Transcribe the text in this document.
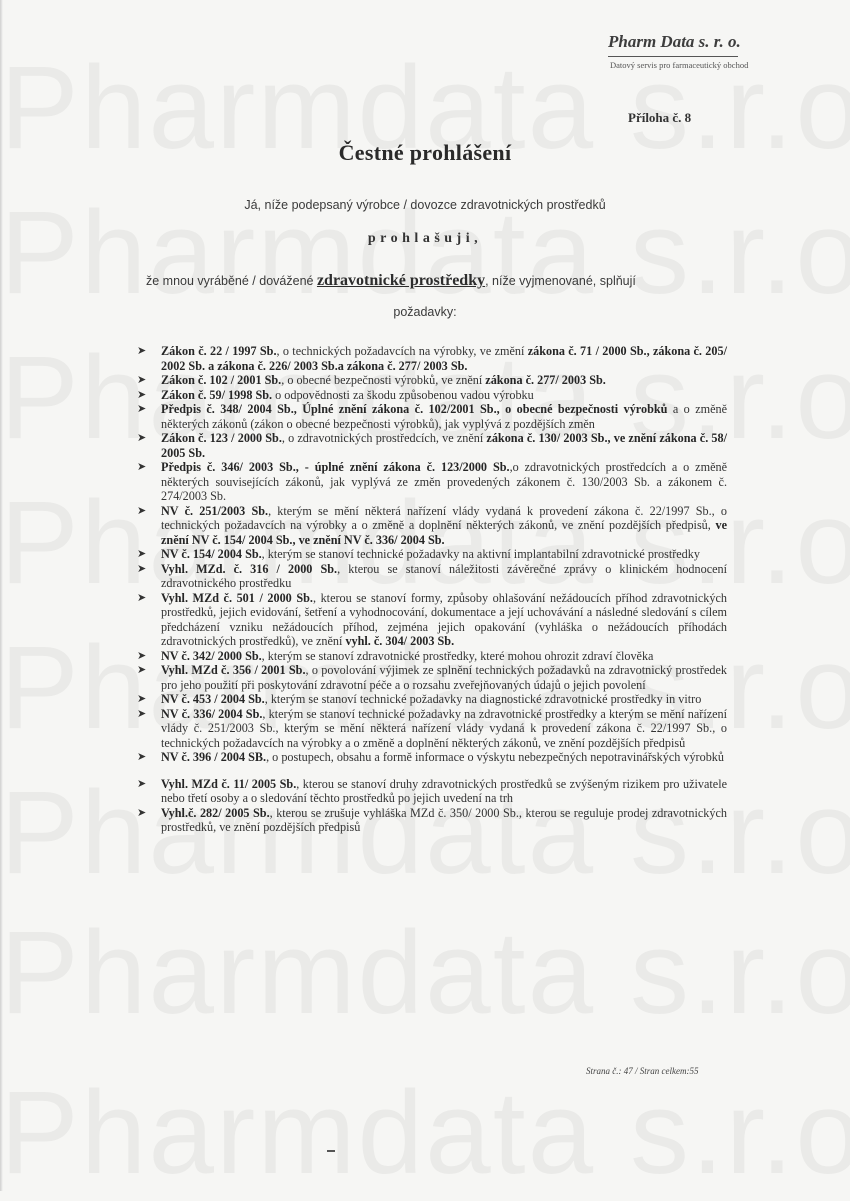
Pharm Data s. r. o.
Datový servis pro farmaceutický obchod
Příloha č. 8
Čestné prohlášení
Já, níže podepsaný výrobce / dovozce zdravotnických prostředků
prohlašuji,
že mnou vyráběné / dovážené zdravotnické prostředky, níže vyjmenované, splňují
požadavky:
➤ Zákon č. 22 / 1997 Sb., o technických požadavcích na výrobky, ve změní zákona č. 71 / 2000 Sb., zákona č. 205/ 2002 Sb. a zákona č. 226/ 2003 Sb.a zákona č. 277/ 2003 Sb.
➤ Zákon č. 102 / 2001 Sb., o obecné bezpečnosti výrobků, ve znění zákona č. 277/ 2003 Sb.
➤ Zákon č. 59/ 1998 Sb. o odpovědnosti za škodu způsobenou vadou výrobku
➤ Předpis č. 348/ 2004 Sb., Úplné znění zákona č. 102/2001 Sb., o obecné bezpečnosti výrobků a o změně některých zákonů (zákon o obecné bezpečnosti výrobků), jak vyplývá z pozdějších změn
➤ Zákon č. 123 / 2000 Sb., o zdravotnických prostředcích, ve znění zákona č. 130/ 2003 Sb., ve znění zákona č. 58/ 2005 Sb.
➤ Předpis č. 346/ 2003 Sb., - úplné znění zákona č. 123/2000 Sb.,o zdravotnických prostředcích a o změně některých souvisejících zákonů, jak vyplývá ze změn provedených zákonem č. 130/2003 Sb. a zákonem č. 274/2003 Sb.
➤ NV č. 251/2003 Sb., kterým se mění některá nařízení vlády vydaná k provedení zákona č. 22/1997 Sb., o technických požadavcích na výrobky a o změně a doplnění některých zákonů, ve znění pozdějších předpisů, ve znění NV č. 154/ 2004 Sb., ve znění NV č. 336/ 2004 Sb.
➤ NV č. 154/ 2004 Sb., kterým se stanoví technické požadavky na aktivní implantabilní zdravotnické prostředky
➤ Vyhl. MZd. č. 316 / 2000 Sb., kterou se stanoví náležitosti závěrečné zprávy o klinickém hodnocení zdravotnického prostředku
➤ Vyhl. MZd č. 501 / 2000 Sb., kterou se stanoví formy, způsoby ohlašování nežádoucích příhod zdravotnických prostředků, jejich evidování, šetření a vyhodnocování, dokumentace a její uchovávání a následné sledování s cílem předcházení vzniku nežádoucích příhod, zejména jejich opakování (vyhláška o nežádoucích příhodách zdravotnických prostředků), ve znění vyhl. č. 304/ 2003 Sb.
➤ NV č. 342/ 2000 Sb., kterým se stanoví zdravotnické prostředky, které mohou ohrozit zdraví člověka
➤ Vyhl. MZd č. 356 / 2001 Sb., o povolování výjimek ze splnění technických požadavků na zdravotnický prostředek pro jeho použití při poskytování zdravotní péče a o rozsahu zveřejňovaných údajů o jejich povolení
➤ NV č. 453 / 2004 Sb., kterým se stanoví technické požadavky na diagnostické zdravotnické prostředky in vitro
➤ NV č. 336/ 2004 Sb., kterým se stanoví technické požadavky na zdravotnické prostředky a kterým se mění nařízení vlády č. 251/2003 Sb., kterým se mění některá nařízení vlády vydaná k provedení zákona č. 22/1997 Sb., o technických požadavcích na výrobky a o změně a doplnění některých zákonů, ve znění pozdějších předpisů
➤ NV č. 396 / 2004 SB., o postupech, obsahu a formě informace o výskytu nebezpečných nepotravinářských výrobků
➤ Vyhl. MZd č. 11/ 2005 Sb., kterou se stanoví druhy zdravotnických prostředků se zvýšeným rizikem pro uživatele nebo třetí osoby a o sledování těchto prostředků po jejich uvedení na trh
➤ Vyhl.č. 282/ 2005 Sb., kterou se zrušuje vyhláška MZd č. 350/ 2000 Sb., kterou se reguluje prodej zdravotnických prostředků, ve znění pozdějších předpisů
Strana č.: 47 / Stran celkem:55
